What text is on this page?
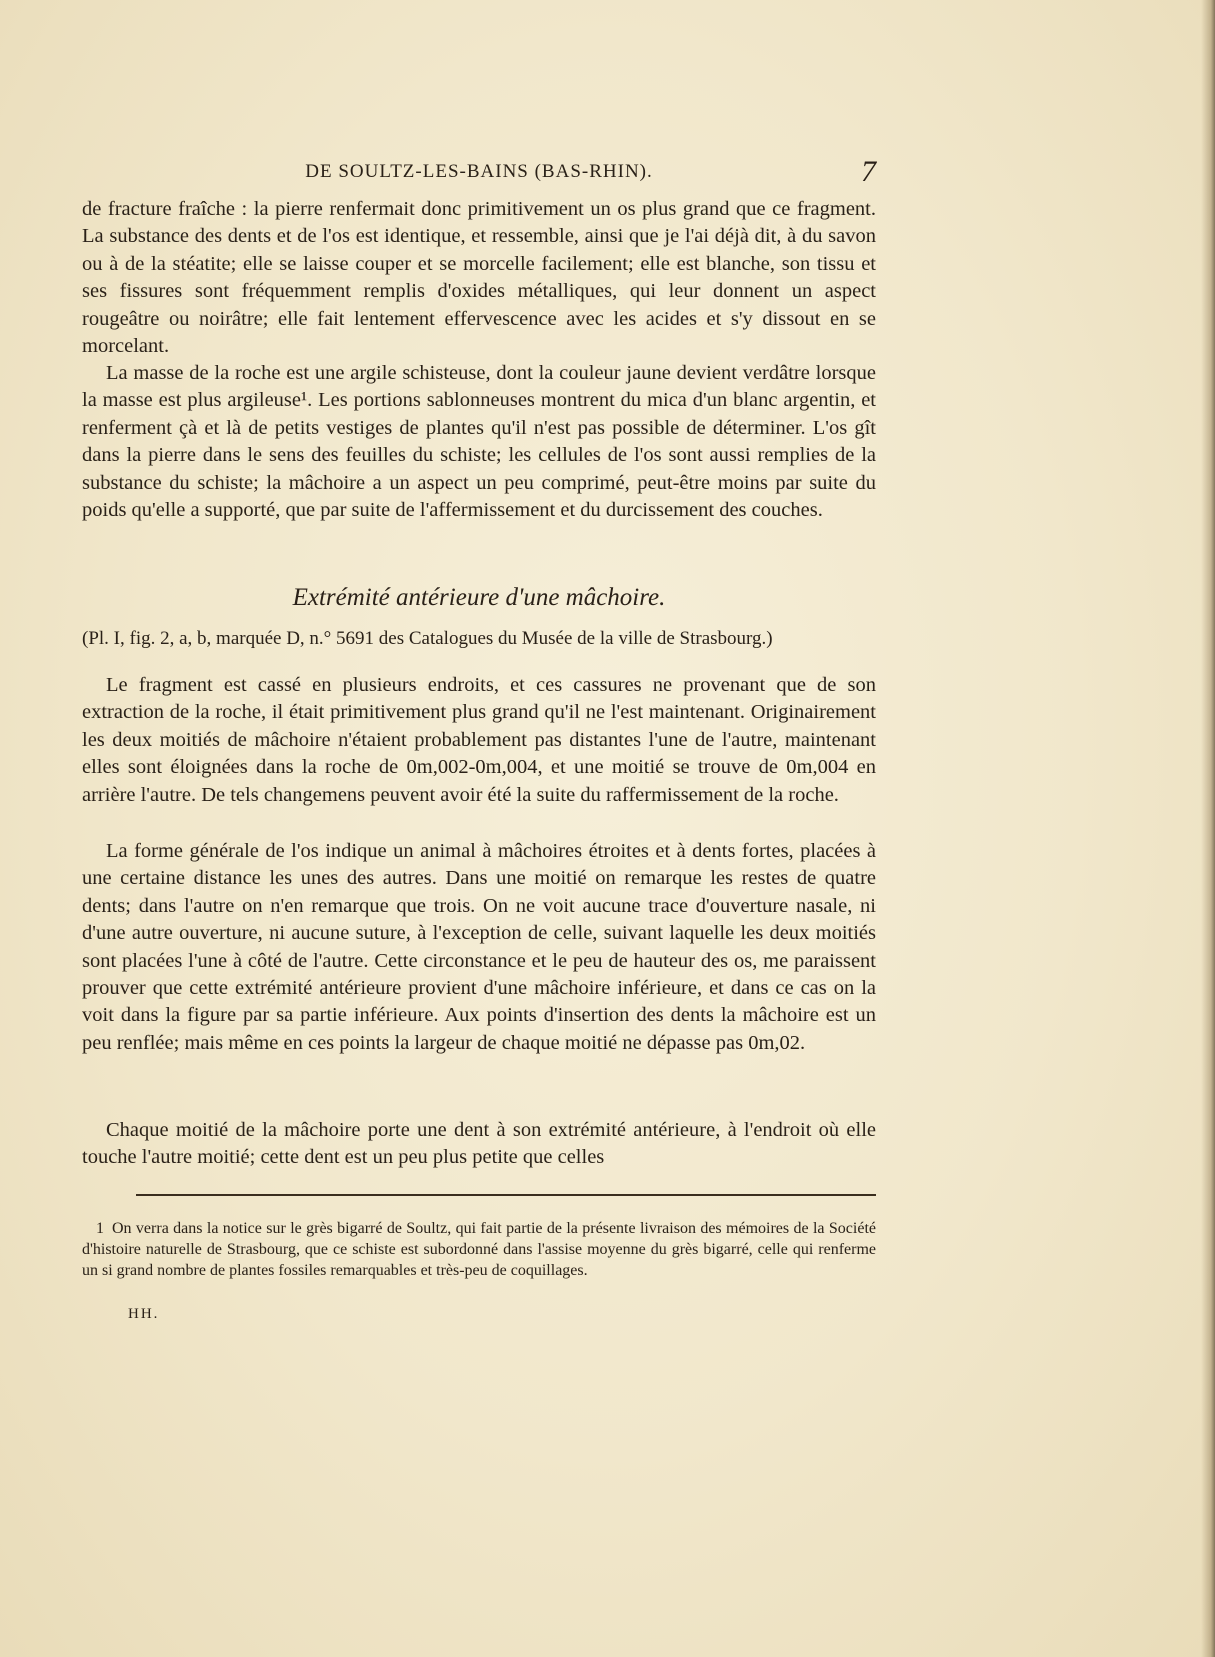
DE SOULTZ-LES-BAINS (BAS-RHIN).	7

de fracture fraîche : la pierre renfermait donc primitivement un os plus grand que ce fragment. La substance des dents et de l'os est identique, et ressemble, ainsi que je l'ai déjà dit, à du savon ou à de la stéatite; elle se laisse couper et se morcelle facilement; elle est blanche, son tissu et ses fissures sont fréquemment remplis d'oxides métalliques, qui leur donnent un aspect rougeâtre ou noirâtre; elle fait lentement effervescence avec les acides et s'y dissout en se morcelant.

La masse de la roche est une argile schisteuse, dont la couleur jaune devient verdâtre lorsque la masse est plus argileuse¹. Les portions sablonneuses montrent du mica d'un blanc argentin, et renferment çà et là de petits vestiges de plantes qu'il n'est pas possible de déterminer. L'os gît dans la pierre dans le sens des feuilles du schiste; les cellules de l'os sont aussi remplies de la substance du schiste; la mâchoire a un aspect un peu comprimé, peut-être moins par suite du poids qu'elle a supporté, que par suite de l'affermissement et du durcissement des couches.

Extrémité antérieure d'une mâchoire.

(Pl. I, fig. 2, a, b, marquée D, n.° 5691 des Catalogues du Musée de la ville de Strasbourg.)

Le fragment est cassé en plusieurs endroits, et ces cassures ne provenant que de son extraction de la roche, il était primitivement plus grand qu'il ne l'est maintenant. Originairement les deux moitiés de mâchoire n'étaient probablement pas distantes l'une de l'autre, maintenant elles sont éloignées dans la roche de 0m,002-0m,004, et une moitié se trouve de 0m,004 en arrière l'autre. De tels changemens peuvent avoir été la suite du raffermissement de la roche.

La forme générale de l'os indique un animal à mâchoires étroites et à dents fortes, placées à une certaine distance les unes des autres. Dans une moitié on remarque les restes de quatre dents; dans l'autre on n'en remarque que trois. On ne voit aucune trace d'ouverture nasale, ni d'une autre ouverture, ni aucune suture, à l'exception de celle, suivant laquelle les deux moitiés sont placées l'une à côté de l'autre. Cette circonstance et le peu de hauteur des os, me paraissent prouver que cette extrémité antérieure provient d'une mâchoire inférieure, et dans ce cas on la voit dans la figure par sa partie inférieure. Aux points d'insertion des dents la mâchoire est un peu renflée; mais même en ces points la largeur de chaque moitié ne dépasse pas 0m,02.

Chaque moitié de la mâchoire porte une dent à son extrémité antérieure, à l'endroit où elle touche l'autre moitié; cette dent est un peu plus petite que celles

1 On verra dans la notice sur le grès bigarré de Soultz, qui fait partie de la présente livraison des mémoires de la Société d'histoire naturelle de Strasbourg, que ce schiste est subordonné dans l'assise moyenne du grès bigarré, celle qui renferme un si grand nombre de plantes fossiles remarquables et très-peu de coquillages.

HH.
